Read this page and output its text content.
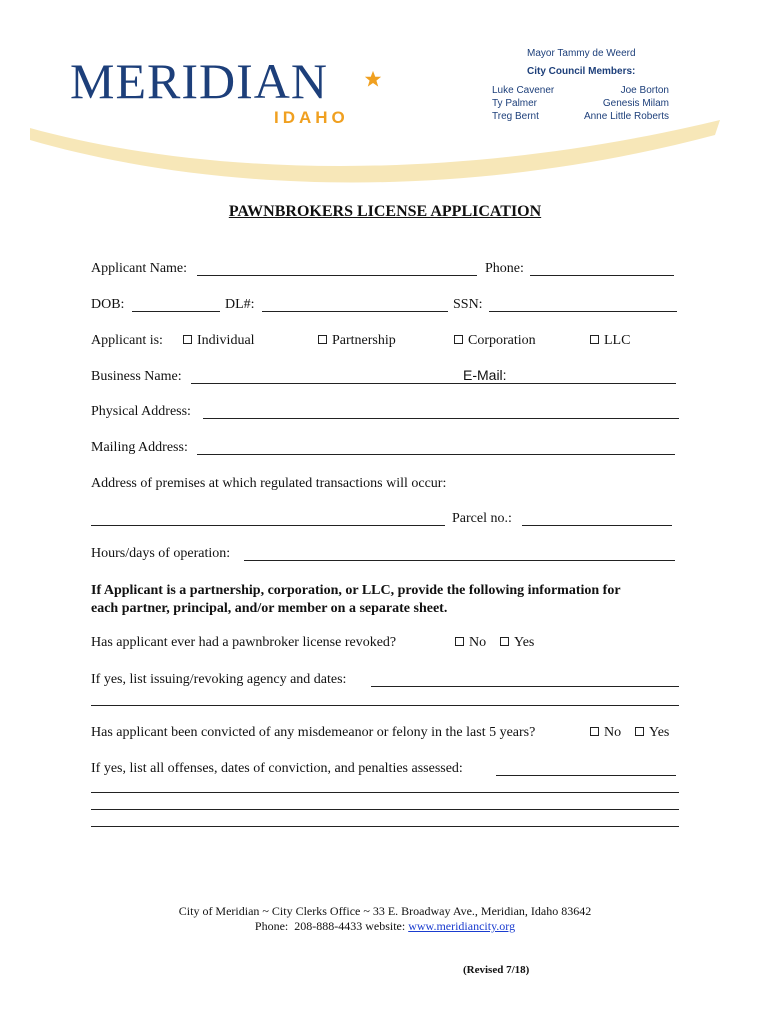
MERIDIAN
IDAHO
Mayor Tammy de Weerd
City Council Members:
Luke Cavener
Ty Palmer
Treg Bernt
Joe Borton
Genesis Milam
Anne Little Roberts
PAWNBROKERS LICENSE APPLICATION
Applicant Name:	Phone:
DOB:	DL#:	SSN:
Applicant is:	Individual	Partnership	Corporation	LLC
Business Name:	E-Mail:
Physical Address:
Mailing Address:
Address of premises at which regulated transactions will occur:
Parcel no.:
Hours/days of operation:
If Applicant is a partnership, corporation, or LLC, provide the following information for
each partner, principal, and/or member on a separate sheet.
Has applicant ever had a pawnbroker license revoked?	No	Yes
If yes, list issuing/revoking agency and dates:
Has applicant been convicted of any misdemeanor or felony in the last 5 years?	No	Yes
If yes, list all offenses, dates of conviction, and penalties assessed:
City of Meridian ~ City Clerks Office ~ 33 E. Broadway Ave., Meridian, Idaho 83642
Phone:  208-888-4433 website: www.meridiancity.org
(Revised 7/18)
